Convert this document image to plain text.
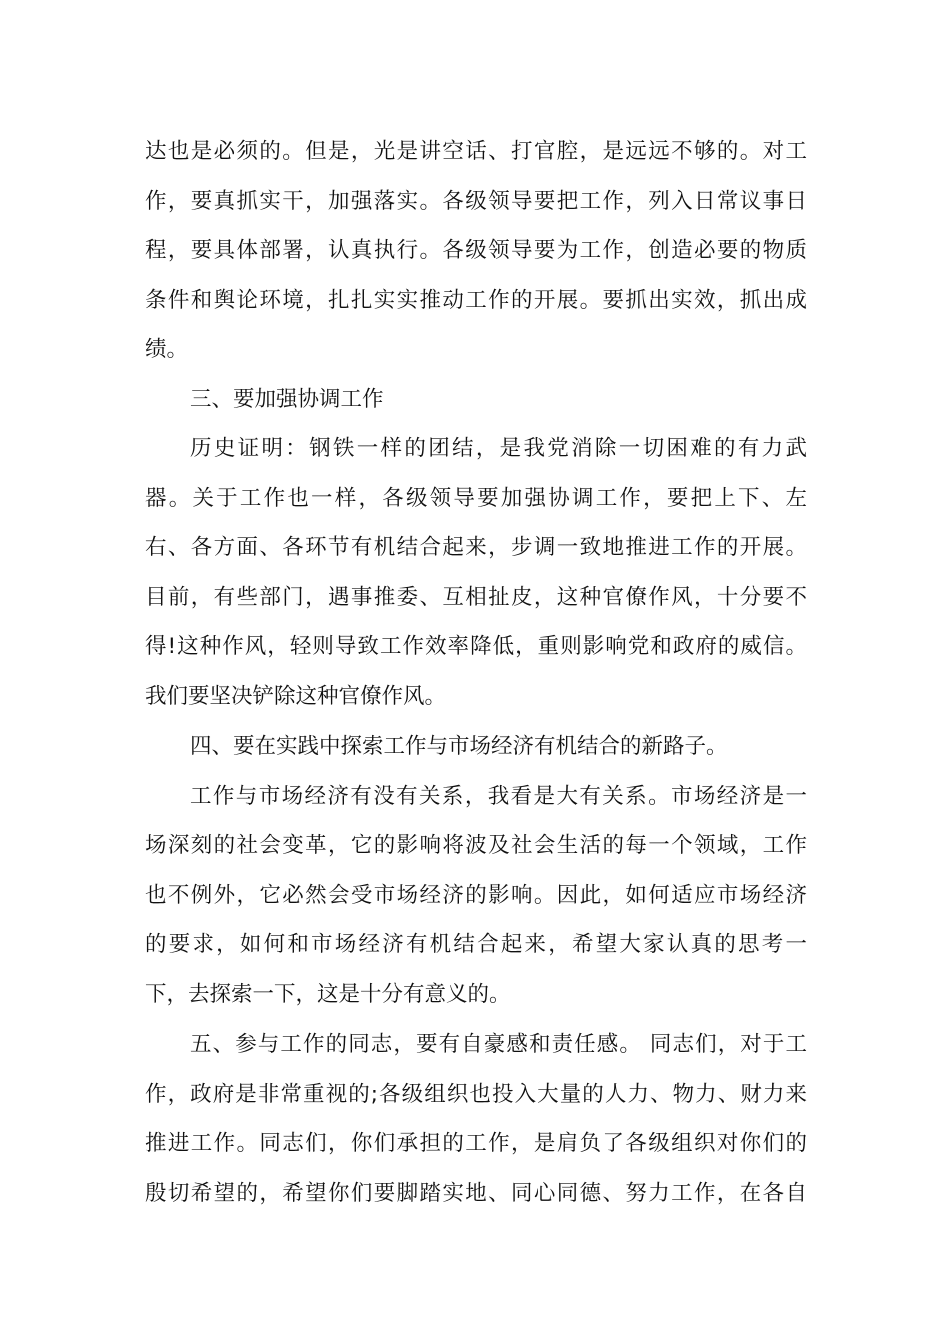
达也是必须的。但是，光是讲空话、打官腔，是远远不够的。对工
作，要真抓实干，加强落实。各级领导要把工作，列入日常议事日
程，要具体部署，认真执行。各级领导要为工作，创造必要的物质
条件和舆论环境，扎扎实实推动工作的开展。要抓出实效，抓出成
绩。
三、要加强协调工作
历史证明：钢铁一样的团结，是我党消除一切困难的有力武
器。关于工作也一样，各级领导要加强协调工作，要把上下、左
右、各方面、各环节有机结合起来，步调一致地推进工作的开展。
目前，有些部门，遇事推委、互相扯皮，这种官僚作风，十分要不
得!这种作风，轻则导致工作效率降低，重则影响党和政府的威信。
我们要坚决铲除这种官僚作风。
四、要在实践中探索工作与市场经济有机结合的新路子。
工作与市场经济有没有关系，我看是大有关系。市场经济是一
场深刻的社会变革，它的影响将波及社会生活的每一个领域，工作
也不例外，它必然会受市场经济的影响。因此，如何适应市场经济
的要求，如何和市场经济有机结合起来，希望大家认真的思考一
下，去探索一下，这是十分有意义的。
五、参与工作的同志，要有自豪感和责任感。 同志们，对于工
作，政府是非常重视的;各级组织也投入大量的人力、物力、财力来
推进工作。同志们，你们承担的工作，是肩负了各级组织对你们的
殷切希望的，希望你们要脚踏实地、同心同德、努力工作，在各自
